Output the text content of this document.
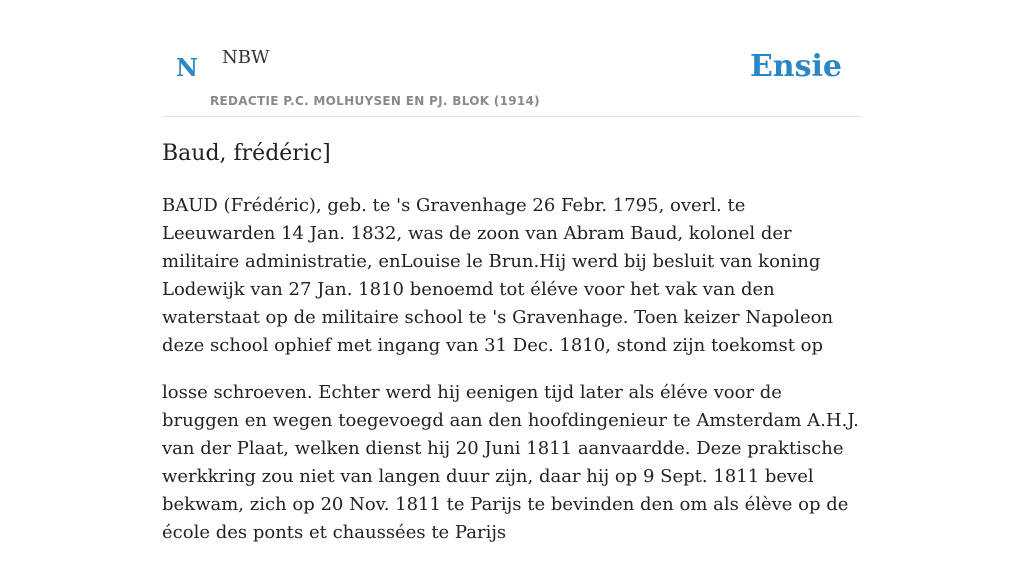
N NBW
REDACTIE P.C. MOLHUYSEN EN PJ. BLOK (1914)
Ensie
Baud, frédéric]

BAUD (Frédéric), geb. te 's Gravenhage 26 Febr. 1795, overl. te Leeuwarden 14 Jan. 1832, was de zoon van Abram Baud, kolonel der militaire administratie, enLouise le Brun.Hij werd bij besluit van koning Lodewijk van 27 Jan. 1810 benoemd tot éléve voor het vak van den waterstaat op de militaire school te 's Gravenhage. Toen keizer Napoleon deze school ophief met ingang van 31 Dec. 1810, stond zijn toekomst op

losse schroeven. Echter werd hij eenigen tijd later als éléve voor de bruggen en wegen toegevoegd aan den hoofdingenieur te Amsterdam A.H.J. van der Plaat, welken dienst hij 20 Juni 1811 aanvaardde. Deze praktische werkkring zou niet van langen duur zijn, daar hij op 9 Sept. 1811 bevel bekwam, zich op 20 Nov. 1811 te Parijs te bevinden den om als élève op de école des ponts et chaussées te Parijs
